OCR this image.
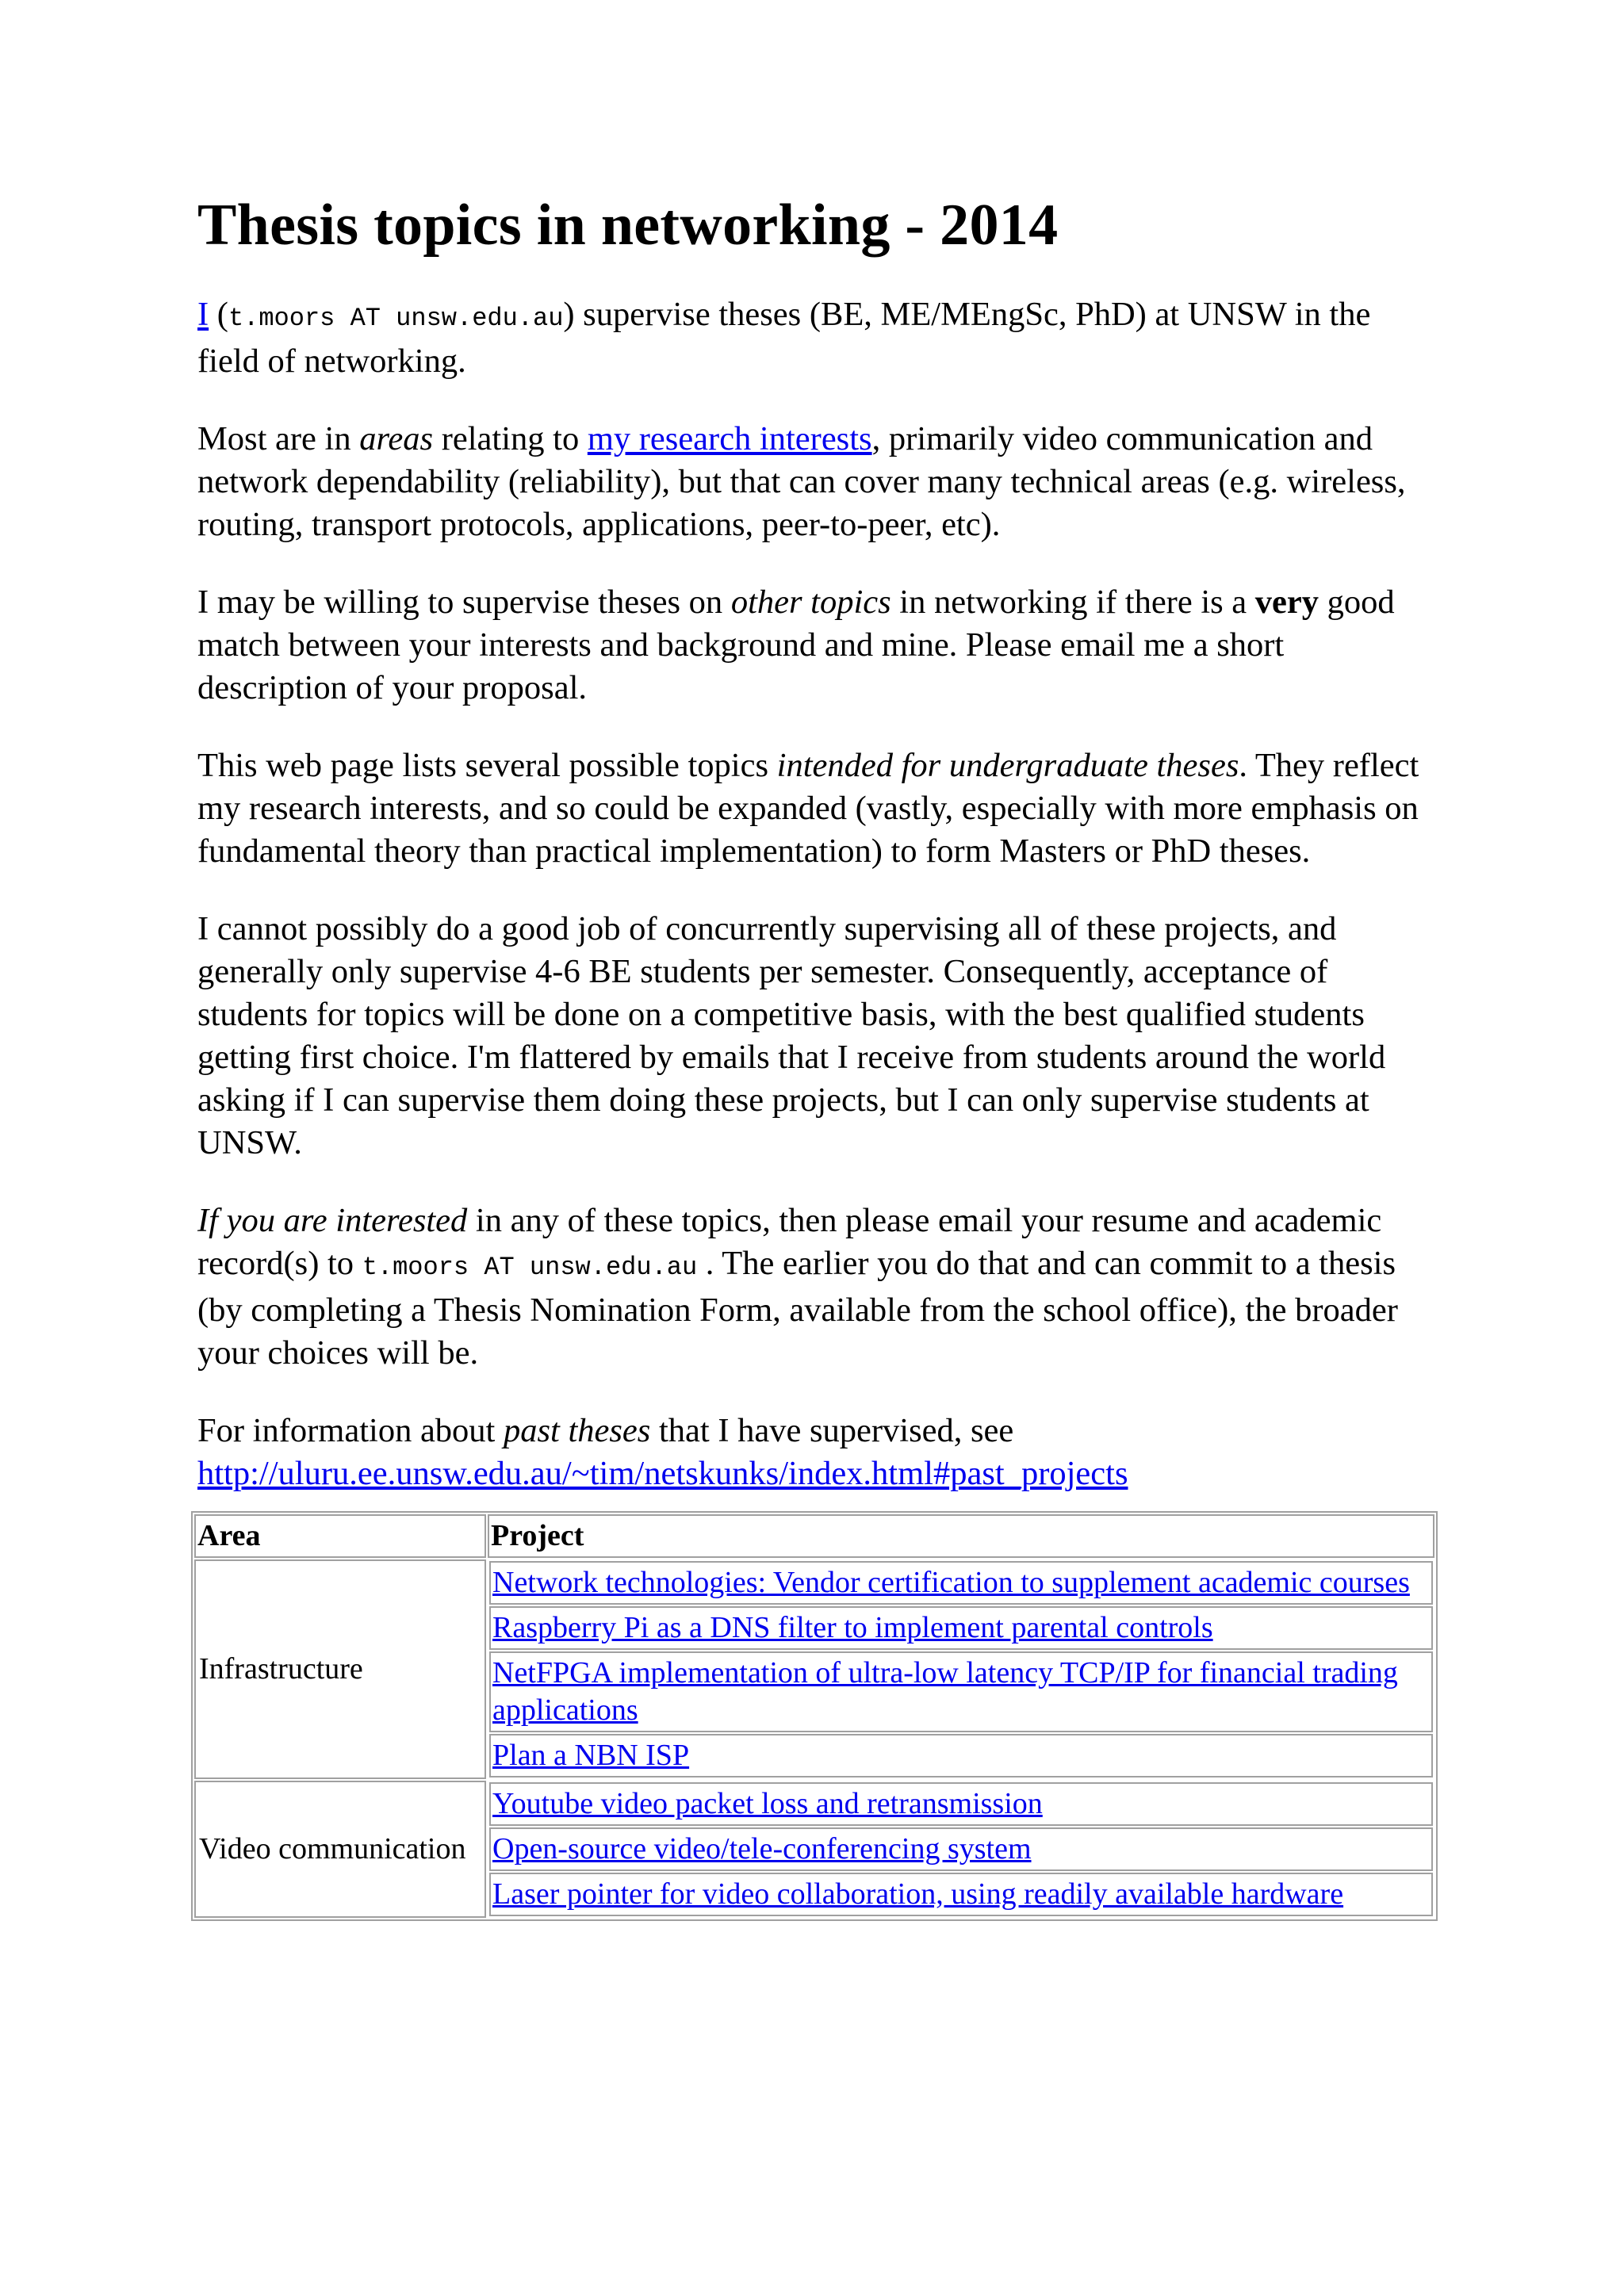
Thesis topics in networking - 2014

I (t.moors AT unsw.edu.au) supervise theses (BE, ME/MEngSc, PhD) at UNSW in the field of networking.

Most are in areas relating to my research interests, primarily video communication and network dependability (reliability), but that can cover many technical areas (e.g. wireless, routing, transport protocols, applications, peer-to-peer, etc).

I may be willing to supervise theses on other topics in networking if there is a very good match between your interests and background and mine. Please email me a short description of your proposal.

This web page lists several possible topics intended for undergraduate theses. They reflect my research interests, and so could be expanded (vastly, especially with more emphasis on fundamental theory than practical implementation) to form Masters or PhD theses.

I cannot possibly do a good job of concurrently supervising all of these projects, and generally only supervise 4-6 BE students per semester. Consequently, acceptance of students for topics will be done on a competitive basis, with the best qualified students getting first choice. I'm flattered by emails that I receive from students around the world asking if I can supervise them doing these projects, but I can only supervise students at UNSW.

If you are interested in any of these topics, then please email your resume and academic record(s) to t.moors AT unsw.edu.au . The earlier you do that and can commit to a thesis (by completing a Thesis Nomination Form, available from the school office), the broader your choices will be.

For information about past theses that I have supervised, see http://uluru.ee.unsw.edu.au/~tim/netskunks/index.html#past_projects

Area	Project
Infrastructure	
Network technologies: Vendor certification to supplement academic courses
Raspberry Pi as a DNS filter to implement parental controls
NetFPGA implementation of ultra-low latency TCP/IP for financial trading applications
Plan a NBN ISP

Video communication	
Youtube video packet loss and retransmission
Open-source video/tele-conferencing system
Laser pointer for video collaboration, using readily available hardware
